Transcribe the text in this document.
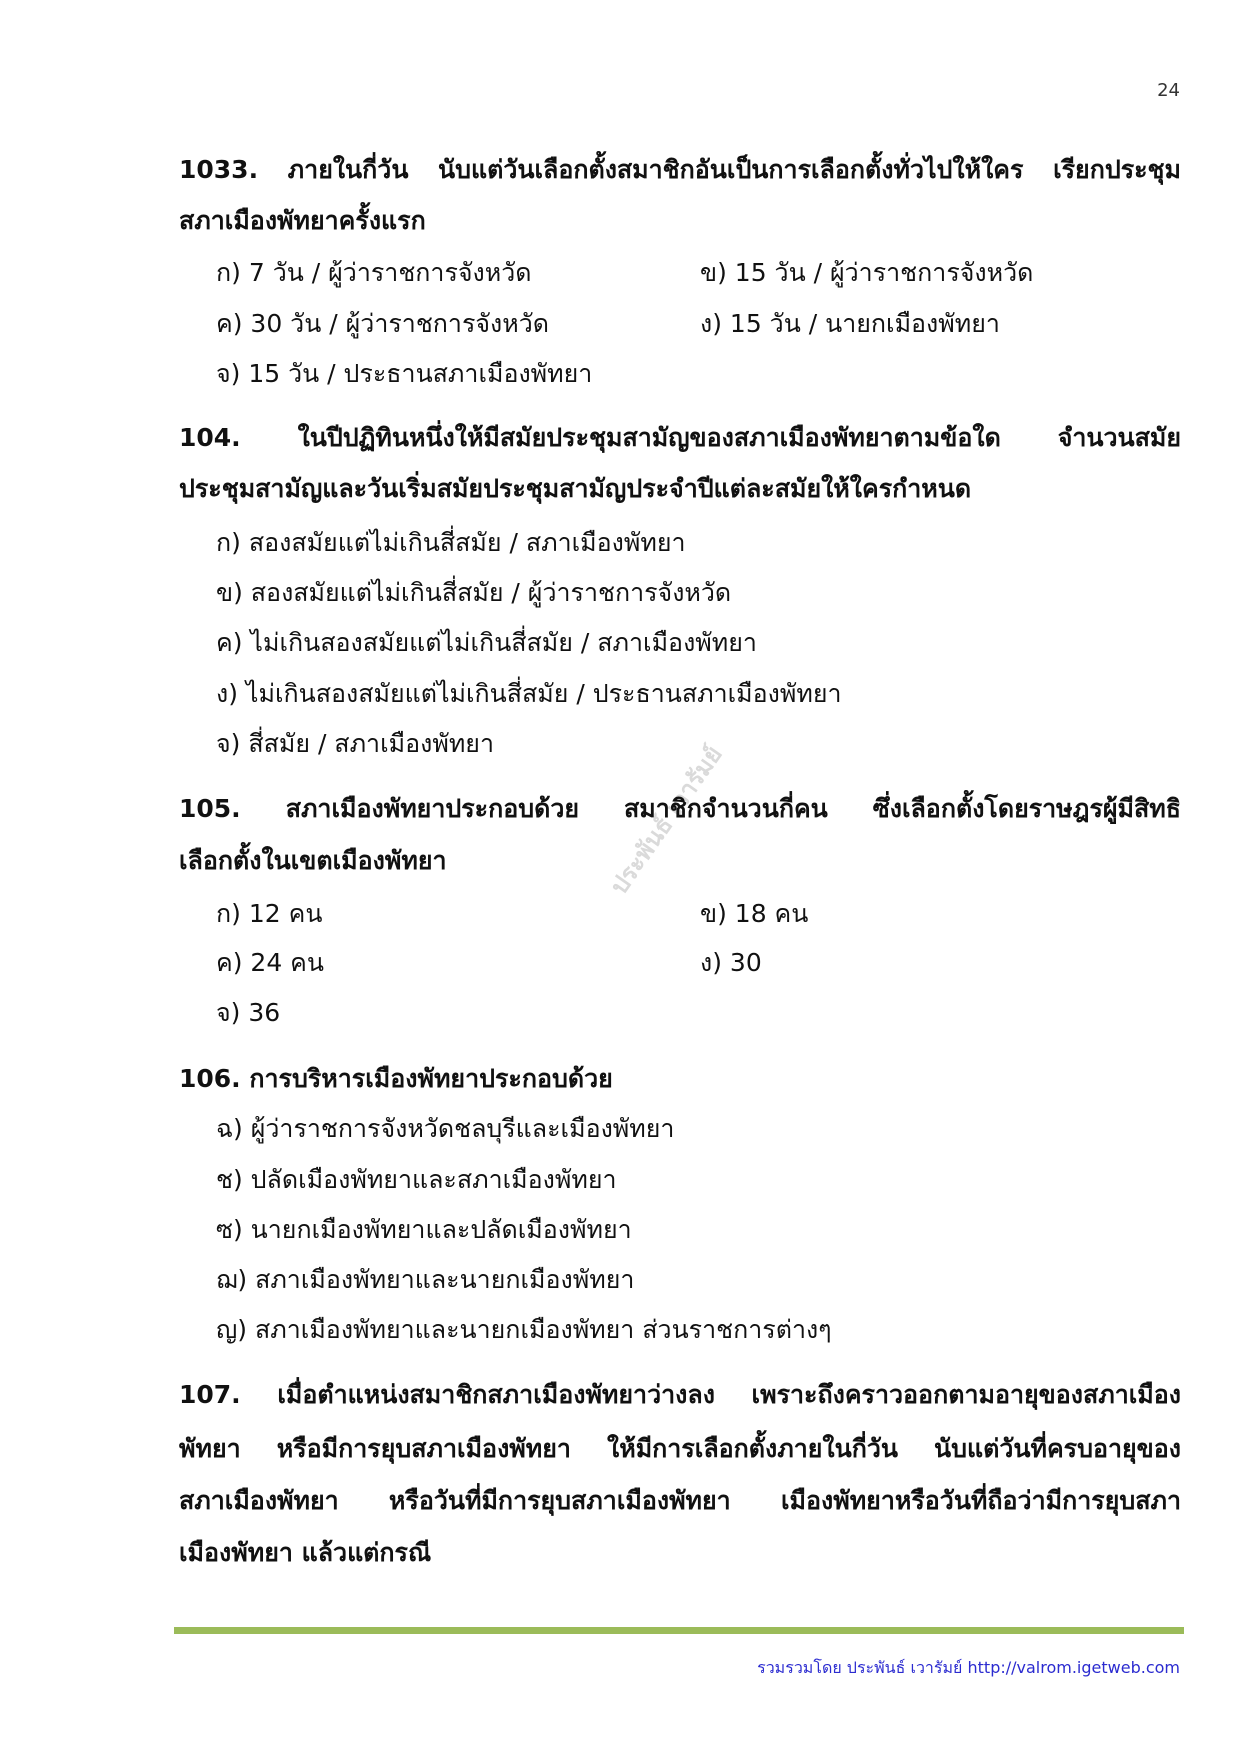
24
ประพันธ์ เวารัมย์
1033. ภายในกี่วัน นับแต่วันเลือกตั้งสมาชิกอันเป็นการเลือกตั้งทั่วไปให้ใคร เรียกประชุม
สภาเมืองพัทยาครั้งแรก
ก) 7 วัน / ผู้ว่าราชการจังหวัด	ข) 15 วัน / ผู้ว่าราชการจังหวัด
ค) 30 วัน / ผู้ว่าราชการจังหวัด	ง) 15 วัน / นายกเมืองพัทยา
จ) 15 วัน / ประธานสภาเมืองพัทยา
104. ในปีปฏิทินหนึ่งให้มีสมัยประชุมสามัญของสภาเมืองพัทยาตามข้อใด จำนวนสมัย
ประชุมสามัญและวันเริ่มสมัยประชุมสามัญประจำปีแต่ละสมัยให้ใครกำหนด
ก) สองสมัยแต่ไม่เกินสี่สมัย / สภาเมืองพัทยา
ข) สองสมัยแต่ไม่เกินสี่สมัย / ผู้ว่าราชการจังหวัด
ค) ไม่เกินสองสมัยแต่ไม่เกินสี่สมัย / สภาเมืองพัทยา
ง) ไม่เกินสองสมัยแต่ไม่เกินสี่สมัย / ประธานสภาเมืองพัทยา
จ) สี่สมัย / สภาเมืองพัทยา
105. สภาเมืองพัทยาประกอบด้วย สมาชิกจำนวนกี่คน ซึ่งเลือกตั้งโดยราษฎรผู้มีสิทธิ
เลือกตั้งในเขตเมืองพัทยา
ก) 12 คน	ข) 18 คน
ค) 24 คน	ง) 30
จ) 36
106. การบริหารเมืองพัทยาประกอบด้วย
ฉ) ผู้ว่าราชการจังหวัดชลบุรีและเมืองพัทยา
ช) ปลัดเมืองพัทยาและสภาเมืองพัทยา
ซ) นายกเมืองพัทยาและปลัดเมืองพัทยา
ฌ) สภาเมืองพัทยาและนายกเมืองพัทยา
ญ) สภาเมืองพัทยาและนายกเมืองพัทยา ส่วนราชการต่างๆ
107. เมื่อตำแหน่งสมาชิกสภาเมืองพัทยาว่างลง เพราะถึงคราวออกตามอายุของสภาเมือง
พัทยา หรือมีการยุบสภาเมืองพัทยา ให้มีการเลือกตั้งภายในกี่วัน นับแต่วันที่ครบอายุของ
สภาเมืองพัทยา หรือวันที่มีการยุบสภาเมืองพัทยา เมืองพัทยาหรือวันที่ถือว่ามีการยุบสภา
เมืองพัทยา แล้วแต่กรณี
รวมรวมโดย ประพันธ์ เวารัมย์ http://valrom.igetweb.com
